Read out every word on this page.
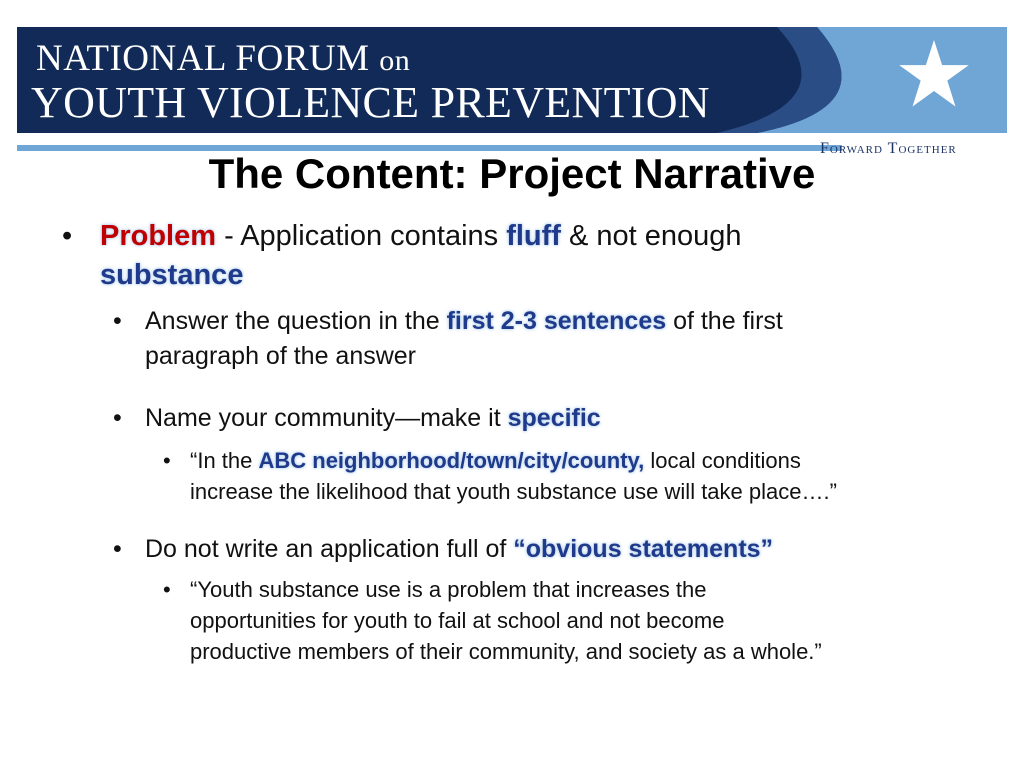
NATIONAL FORUM on
YOUTH VIOLENCE PREVENTION
Forward Together
The Content: Project Narrative
• Problem - Application contains fluff & not enough
substance
• Answer the question in the first 2-3 sentences of the first
paragraph of the answer
• Name your community—make it specific
• “In the ABC neighborhood/town/city/county, local conditions
increase the likelihood that youth substance use will take place….”
• Do not write an application full of “obvious statements”
• “Youth substance use is a problem that increases the
opportunities for youth to fail at school and not become
productive members of their community, and society as a whole.”
